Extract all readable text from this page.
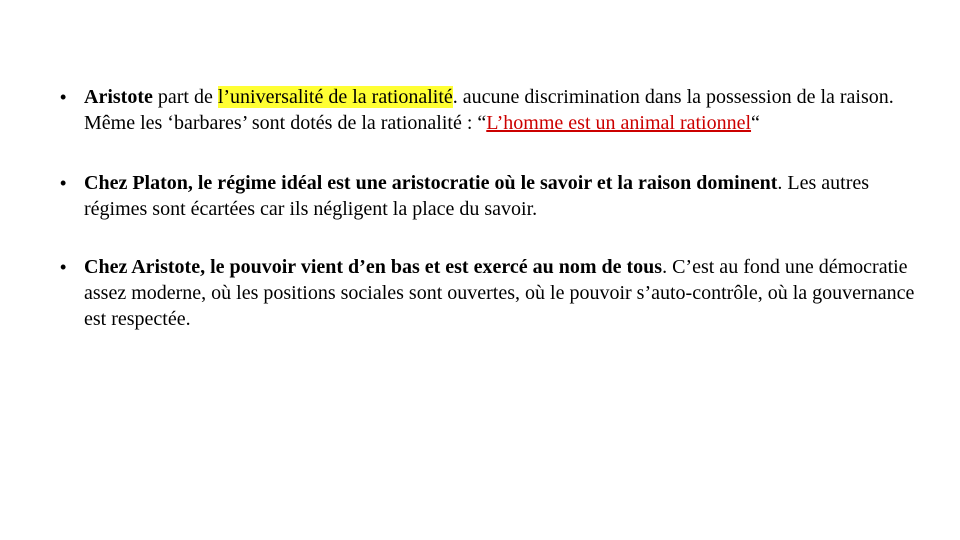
• Aristote part de l’universalité de la rationalité. aucune discrimination dans la possession de la raison. Même les ‘barbares’ sont dotés de la rationalité : “L’homme est un animal rationnel“
• Chez Platon, le régime idéal est une aristocratie où le savoir et la raison dominent. Les autres régimes sont écartées car ils négligent la place du savoir.
• Chez Aristote, le pouvoir vient d’en bas et est exercé au nom de tous. C’est au fond une démocratie assez moderne, où les positions sociales sont ouvertes, où le pouvoir s’auto-contrôle, où la gouvernance est respectée.
